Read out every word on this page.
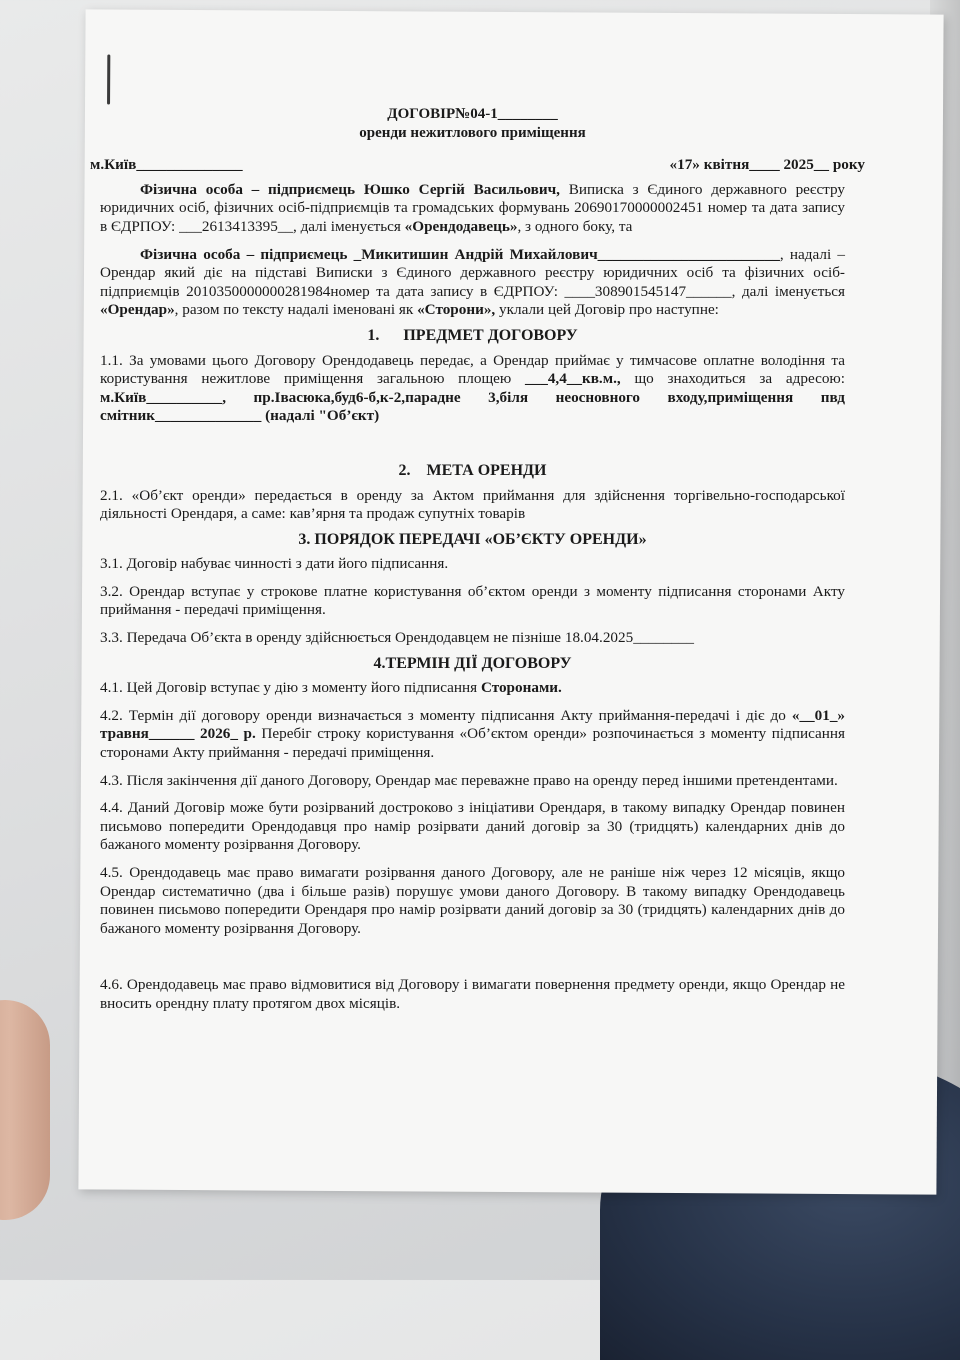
ДОГОВІР№04-1________
оренди нежитлового приміщення
м.Київ______________	«17» квітня____ 2025__ року

Фізична особа – підприємець Юшко Сергій Васильович, Виписка з Єдиного державного реєстру юридичних осіб, фізичних осіб-підприємців та громадських формувань 20690170000002451 номер та дата запису в ЄДРПОУ: ___2613413395__, далі іменується «Орендодавець», з одного боку, та

Фізична особа – підприємець _Микитишин Андрій Михайлович________________________, надалі – Орендар який діє на підставі Виписки з Єдиного державного реєстру юридичних осіб та фізичних осіб-підприємців 2010350000000281984номер та дата запису в ЄДРПОУ: ____308901545147______, далі іменується «Орендар», разом по тексту надалі іменовані як «Сторони», уклали цей Договір про наступне:

1.      ПРЕДМЕТ ДОГОВОРУ

1.1. За умовами цього Договору Орендодавець передає, а Орендар приймає у тимчасове оплатне володіння та користування нежитлове приміщення загальною площею ___4,4__кв.м., що знаходиться за адресою: м.Київ__________, пр.Івасюка,буд6-б,к-2,парадне 3,біля неосновного входу,приміщення пвд смітник______________ (надалі "Об’єкт)

2.    МЕТА ОРЕНДИ

2.1. «Об’єкт оренди» передається в оренду за Актом приймання для здійснення торгівельно-господарської діяльності Орендаря, а саме: кав’ярня та продаж супутніх товарів

3. ПОРЯДОК ПЕРЕДАЧІ «ОБ’ЄКТУ ОРЕНДИ»

3.1. Договір набуває чинності з дати його підписання.

3.2. Орендар вступає у строкове платне користування об’єктом оренди з моменту підписання сторонами Акту приймання - передачі приміщення.

3.3. Передача Об’єкта в оренду здійснюється Орендодавцем не пізніше 18.04.2025________

4.ТЕРМІН ДІЇ ДОГОВОРУ

4.1. Цей Договір вступає у дію з моменту його підписання Сторонами.

4.2. Термін дії договору оренди визначається з моменту підписання Акту приймання-передачі і діє до «__01_» травня______ 2026_ р. Перебіг строку користування «Об’єктом оренди» розпочинається з моменту підписання сторонами Акту приймання - передачі приміщення.

4.3. Після закінчення дії даного Договору, Орендар має переважне право на оренду перед іншими претендентами.

4.4. Даний Договір може бути розірваний достроково з ініціативи Орендаря, в такому випадку Орендар повинен письмово попередити Орендодавця про намір розірвати даний договір за 30 (тридцять) календарних днів до бажаного моменту розірвання Договору.

4.5. Орендодавець має право вимагати розірвання даного Договору, але не раніше ніж через 12 місяців, якщо Орендар систематично (два і більше разів) порушує умови даного Договору. В такому випадку Орендодавець повинен письмово попередити Орендаря про намір розірвати даний договір за 30 (тридцять) календарних днів до бажаного моменту розірвання Договору.

4.6. Орендодавець має право відмовитися від Договору і вимагати повернення предмету оренди, якщо Орендар не вносить орендну плату протягом двох місяців.
